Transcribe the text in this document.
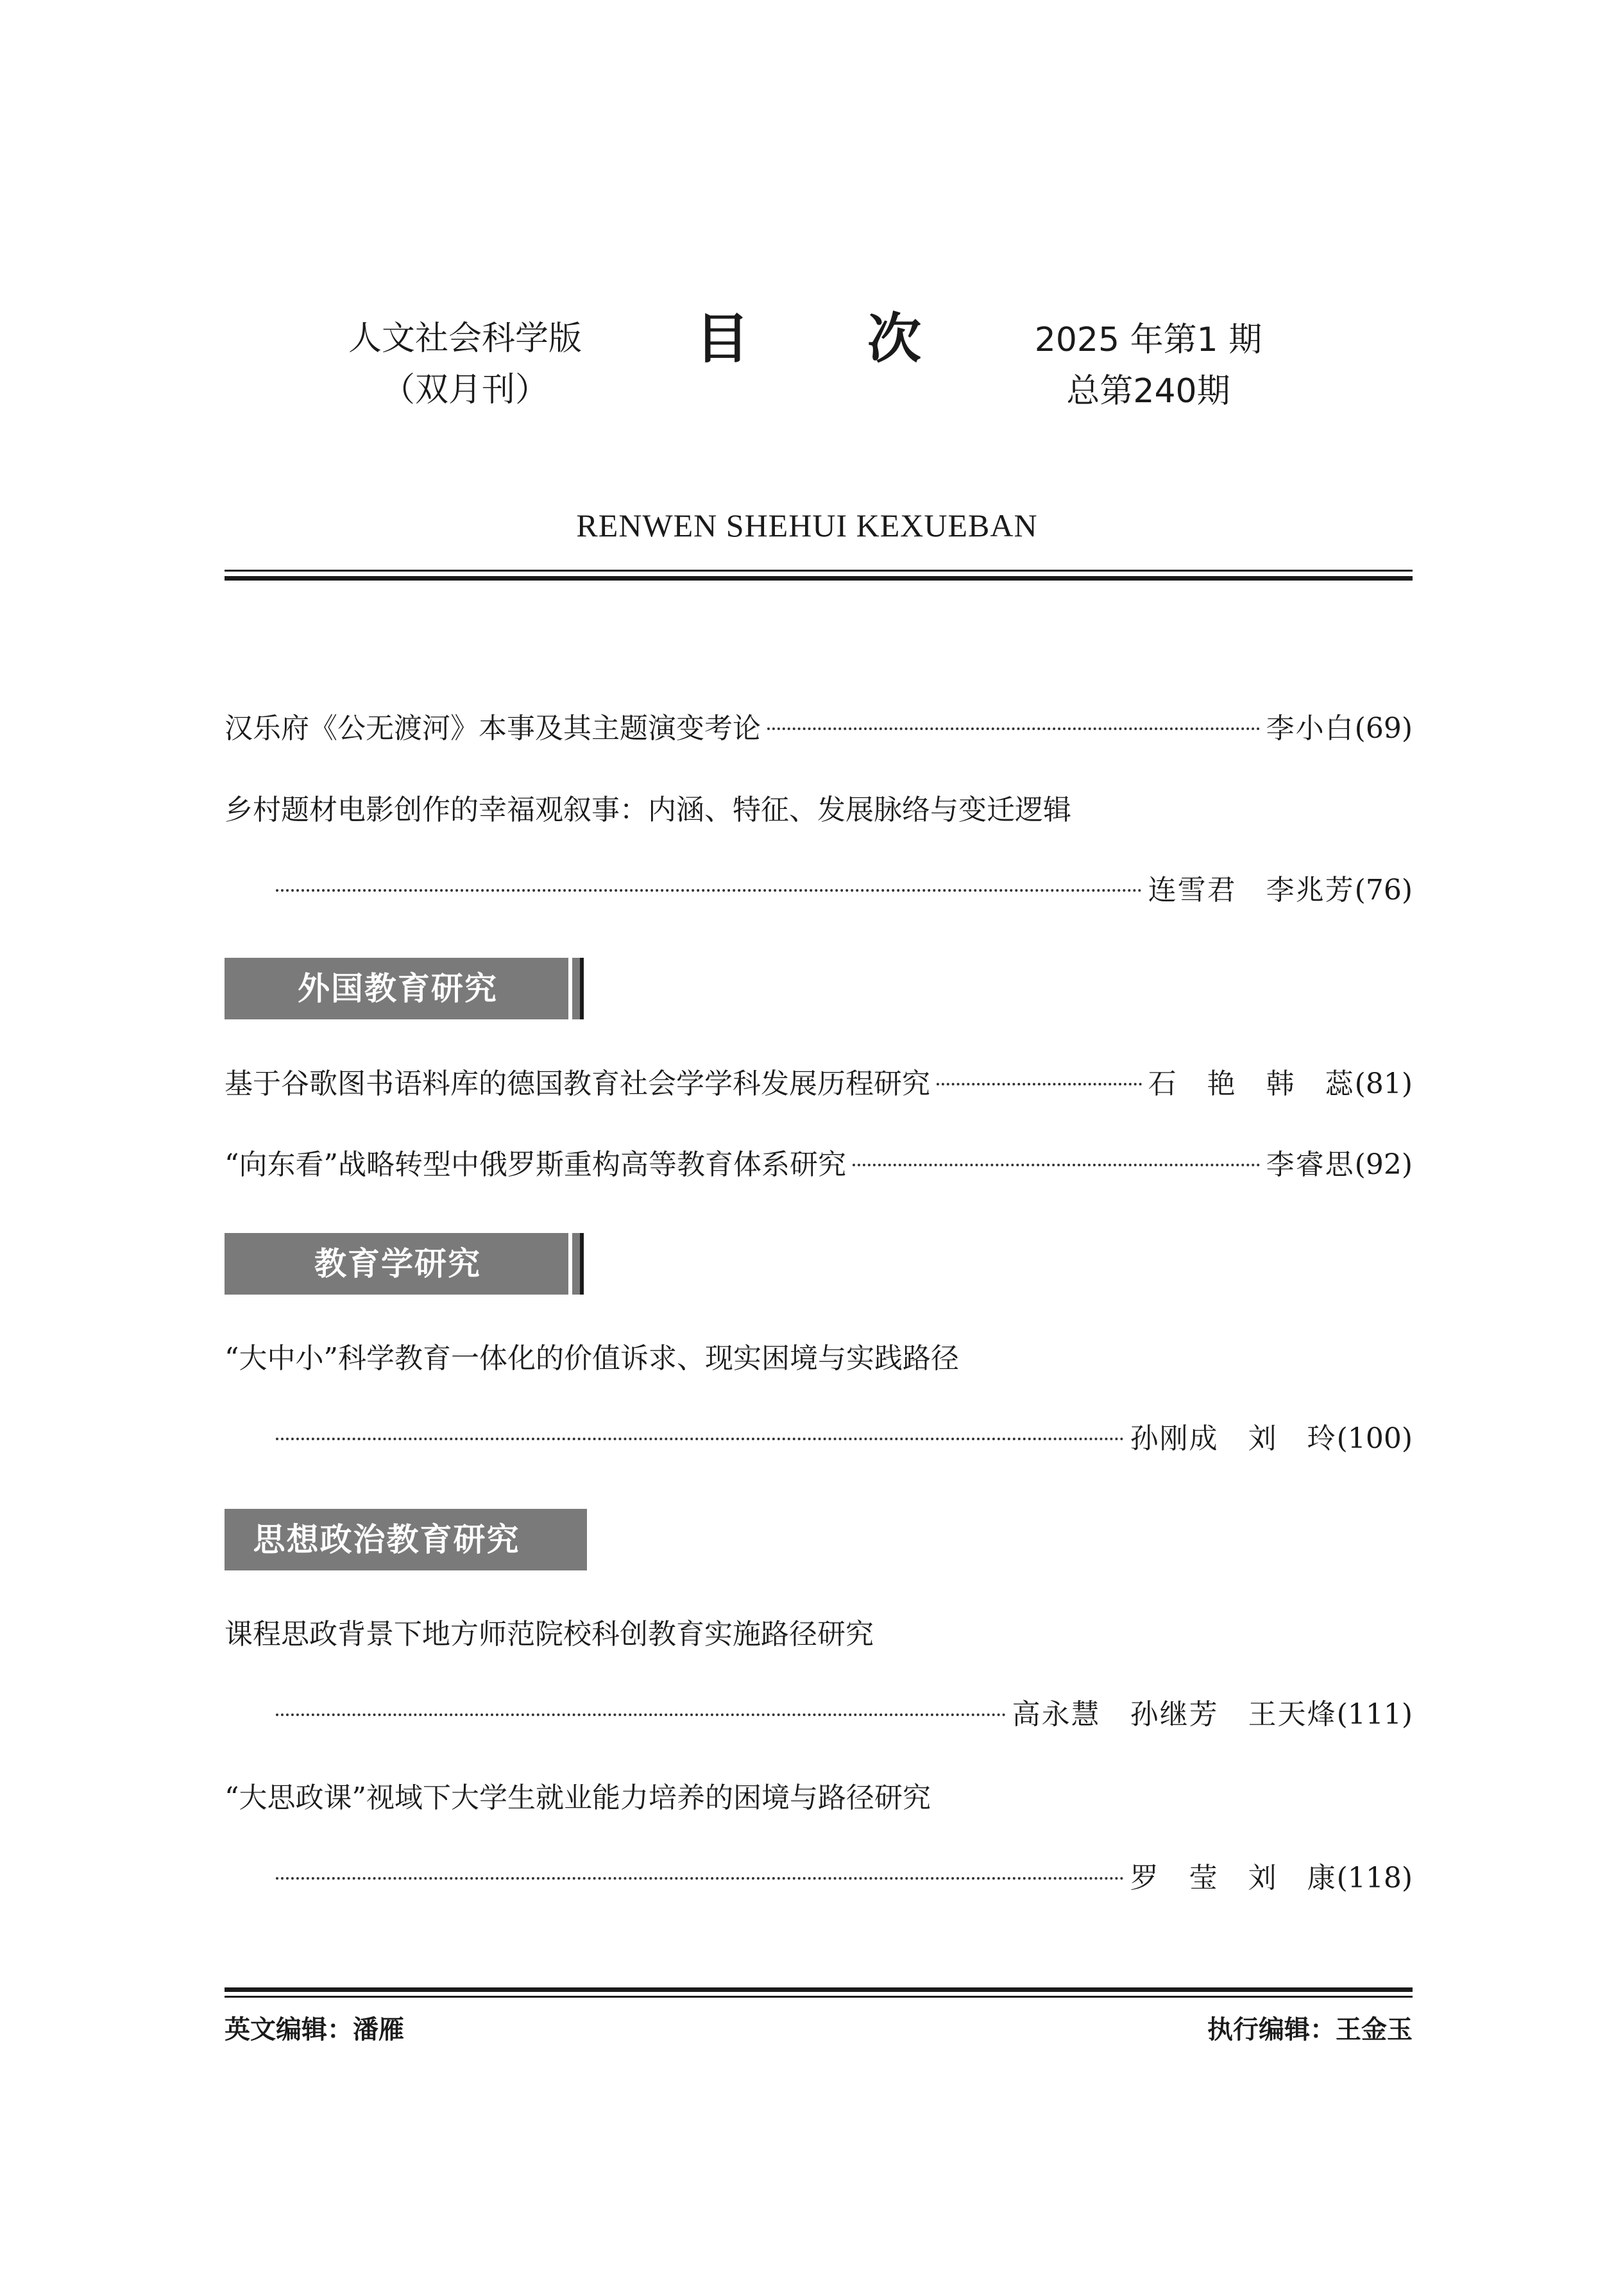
人文社会科学版
（双月刊）
目 次	2025 年第1 期
总第240期
RENWEN SHEHUI KEXUEBAN
汉乐府《公无渡河》本事及其主题演变考论	李小白 (69)
乡村题材电影创作的幸福观叙事：内涵、特征、发展脉络与变迁逻辑
连雪君　李兆芳 (76)
外国教育研究
基于谷歌图书语料库的德国教育社会学学科发展历程研究	石　艳　韩　蕊 (81)
“向东看”战略转型中俄罗斯重构高等教育体系研究	李睿思 (92)
教育学研究
“大中小”科学教育一体化的价值诉求、现实困境与实践路径
孙刚成　刘　玲 (100)
思想政治教育研究
课程思政背景下地方师范院校科创教育实施路径研究
高永慧　孙继芳　王天烽 (111)
“大思政课”视域下大学生就业能力培养的困境与路径研究
罗　莹　刘　康 (118)
英文编辑：潘雁	执行编辑：王金玉
